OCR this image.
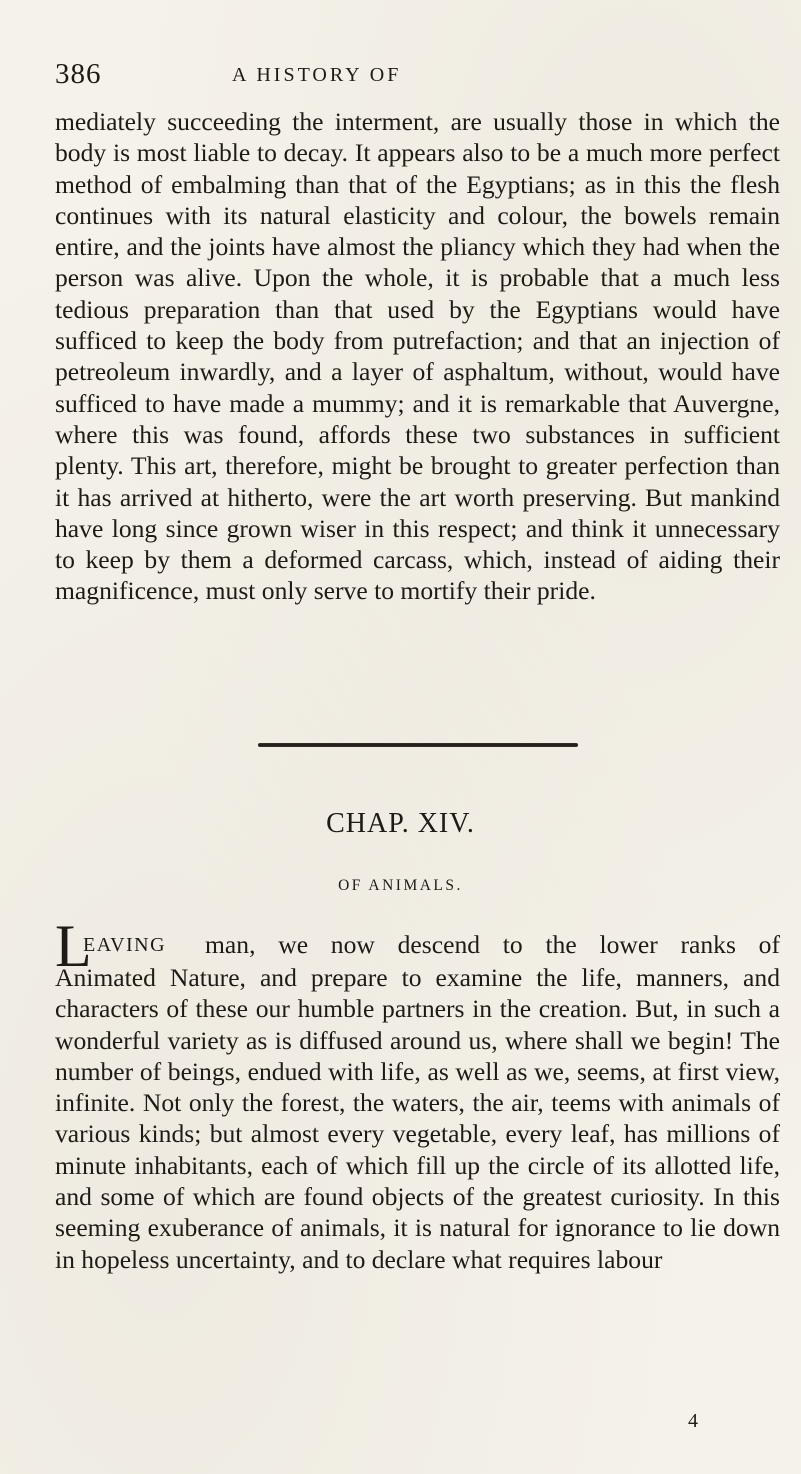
386	A HISTORY OF

mediately succeeding the interment, are usually those in which the body is most liable to decay. It appears also to be a much more perfect method of embalming than that of the Egyptians; as in this the flesh continues with its natural elasticity and colour, the bowels remain entire, and the joints have almost the pliancy which they had when the person was alive. Upon the whole, it is probable that a much less tedious preparation than that used by the Egyptians would have sufficed to keep the body from putrefaction; and that an injection of petreoleum inwardly, and a layer of asphaltum, without, would have sufficed to have made a mummy; and it is remarkable that Auvergne, where this was found, affords these two substances in sufficient plenty. This art, therefore, might be brought to greater perfection than it has arrived at hitherto, were the art worth preserving. But mankind have long since grown wiser in this respect; and think it unnecessary to keep by them a deformed carcass, which, instead of aiding their magnificence, must only serve to mortify their pride.

CHAP. XIV.
OF ANIMALS.
L
EAVING man, we now descend to the lower ranks of

Animated Nature, and prepare to examine the life, manners, and characters of these our humble partners in the creation. But, in such a wonderful variety as is diffused around us, where shall we begin! The number of beings, endued with life, as well as we, seems, at first view, infinite. Not only the forest, the waters, the air, teems with animals of various kinds; but almost every vegetable, every leaf, has millions of minute inhabitants, each of which fill up the circle of its allotted life, and some of which are found objects of the greatest curiosity. In this seeming exuberance of animals, it is natural for ignorance to lie down in hopeless uncertainty, and to declare what requires labour

4
